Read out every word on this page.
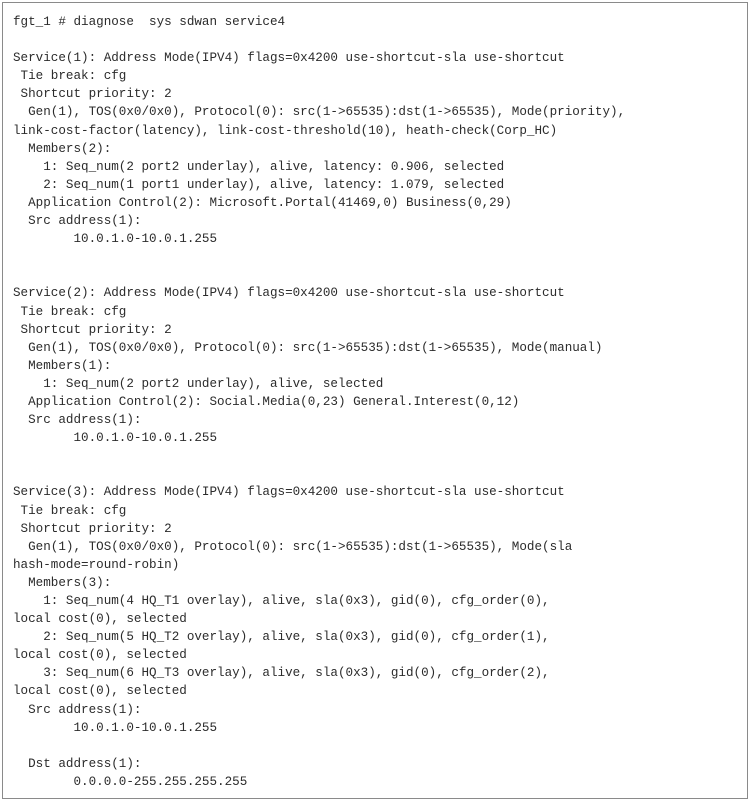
fgt_1 # diagnose  sys sdwan service4
Service(1): Address Mode(IPV4) flags=0x4200 use-shortcut-sla use-shortcut
Tie break: cfg
Shortcut priority: 2
Gen(1), TOS(0x0/0x0), Protocol(0): src(1->65535):dst(1->65535), Mode(priority),
link-cost-factor(latency), link-cost-threshold(10), heath-check(Corp_HC)
Members(2):
1: Seq_num(2 port2 underlay), alive, latency: 0.906, selected
2: Seq_num(1 port1 underlay), alive, latency: 1.079, selected
Application Control(2): Microsoft.Portal(41469,0) Business(0,29)
Src address(1):
10.0.1.0-10.0.1.255
Service(2): Address Mode(IPV4) flags=0x4200 use-shortcut-sla use-shortcut
Tie break: cfg
Shortcut priority: 2
Gen(1), TOS(0x0/0x0), Protocol(0): src(1->65535):dst(1->65535), Mode(manual)
Members(1):
1: Seq_num(2 port2 underlay), alive, selected
Application Control(2): Social.Media(0,23) General.Interest(0,12)
Src address(1):
10.0.1.0-10.0.1.255
Service(3): Address Mode(IPV4) flags=0x4200 use-shortcut-sla use-shortcut
Tie break: cfg
Shortcut priority: 2
Gen(1), TOS(0x0/0x0), Protocol(0): src(1->65535):dst(1->65535), Mode(sla
hash-mode=round-robin)
Members(3):
1: Seq_num(4 HQ_T1 overlay), alive, sla(0x3), gid(0), cfg_order(0),
local cost(0), selected
2: Seq_num(5 HQ_T2 overlay), alive, sla(0x3), gid(0), cfg_order(1),
local cost(0), selected
3: Seq_num(6 HQ_T3 overlay), alive, sla(0x3), gid(0), cfg_order(2),
local cost(0), selected
Src address(1):
10.0.1.0-10.0.1.255
Dst address(1):
0.0.0.0-255.255.255.255
